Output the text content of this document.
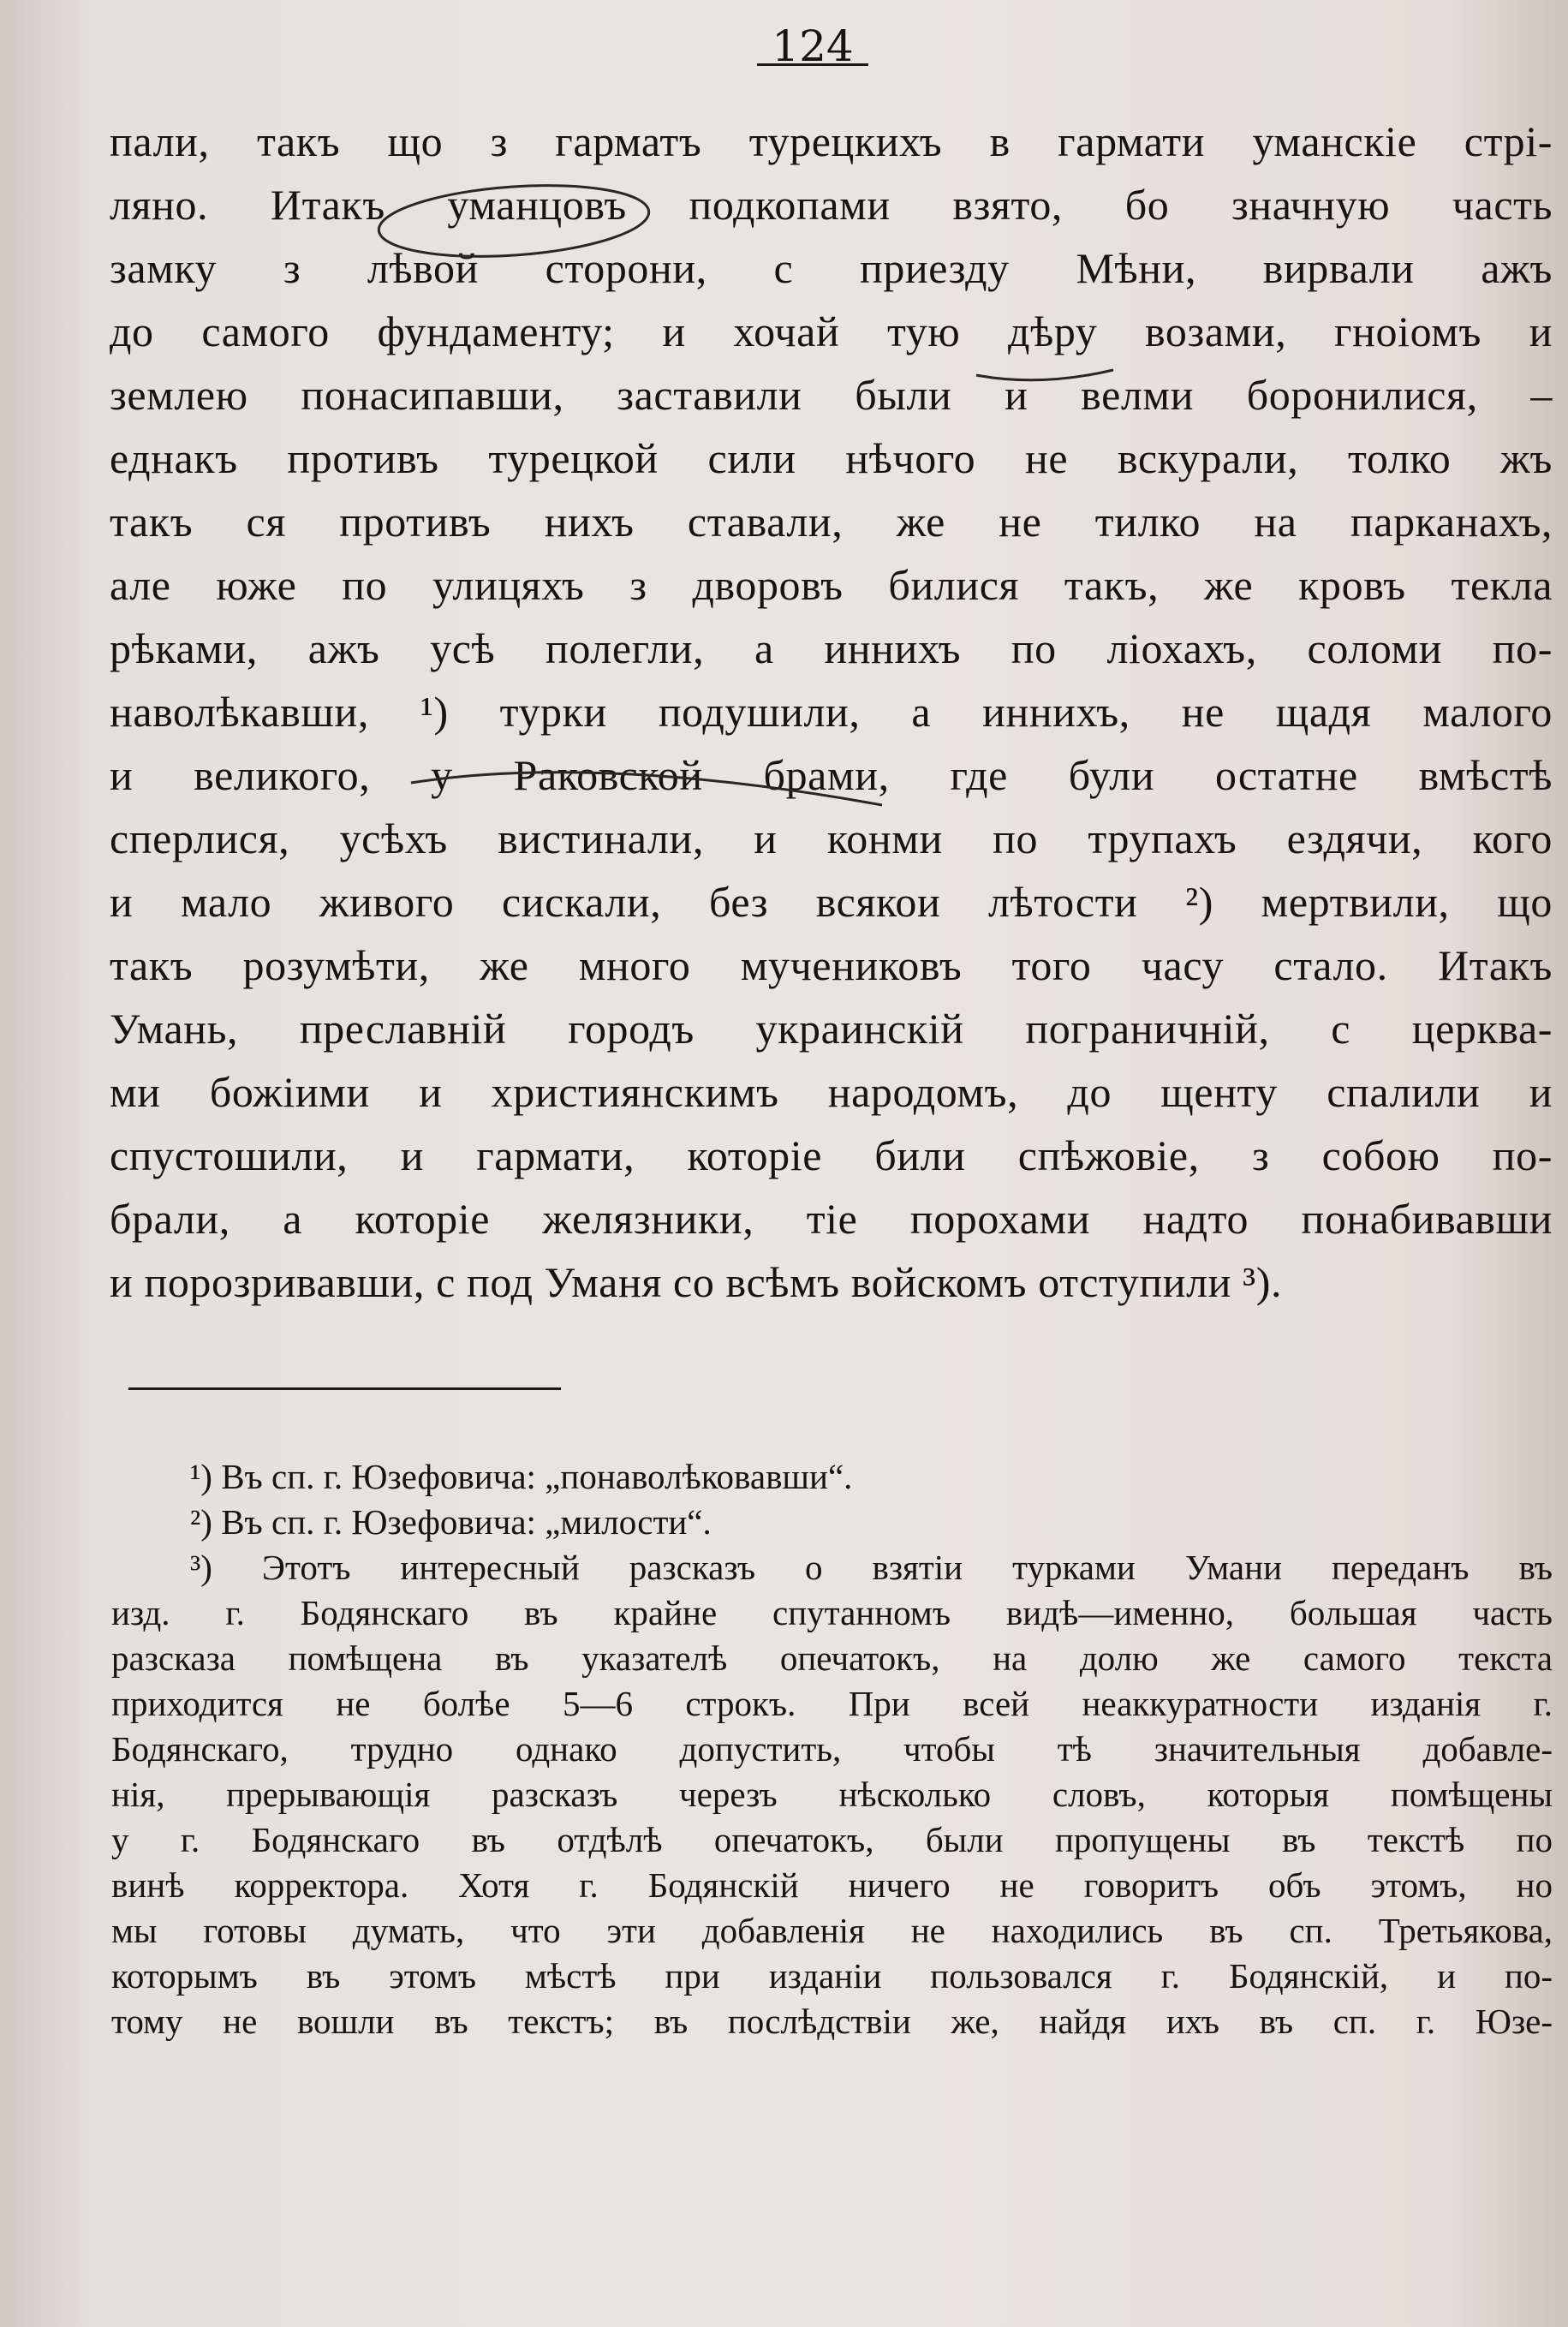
124
пали, такъ що з гарматъ турецкихъ в гармати уманскіе стрі-
ляно. Итакъ уманцовъ подкопами взято, бо значную часть
замку з лѣвой сторони, с приезду Мѣни, вирвали ажъ
до самого фундаменту; и хочай тую дѣру возами, гноіомъ и
землею понасипавши, заставили были и велми боронилися, –
еднакъ противъ турецкой сили нѣчого не вскурали, толко жъ
такъ ся противъ нихъ ставали, же не тилко на парканахъ,
але юже по улицяхъ з дворовъ билися такъ, же кровъ текла
рѣками, ажъ усѣ полегли, а иннихъ по ліохахъ, соломи по-
наволѣкавши, ¹) турки подушили, а иннихъ, не щадя малого
и великого, у Раковской брами, где були остатне вмѣстѣ
сперлися, усѣхъ вистинали, и конми по трупахъ ездячи, кого
и мало живого сискали, без всякои лѣтости ²) мертвили, що
такъ розумѣти, же много мучениковъ того часу стало. Итакъ
Умань, преславній городъ украинскій пограничній, с церква-
ми божіими и християнскимъ народомъ, до щенту спалили и
спустошили, и гармати, которіе били спѣжовіе, з собою по-
брали, а которіе желязники, тіе порохами надто понабивавши
и порозривавши, с под Уманя со всѣмъ войскомъ отступили ³).
¹) Въ сп. г. Юзефовича: „понаволѣковавши“.
²) Въ сп. г. Юзефовича: „милости“.
³) Этотъ интересный разсказъ о взятіи турками Умани переданъ въ
изд. г. Бодянскаго въ крайне спутанномъ видѣ—именно, большая часть
разсказа помѣщена въ указателѣ опечатокъ, на долю же самого текста
приходится не болѣе 5—6 строкъ. При всей неаккуратности изданія г.
Бодянскаго, трудно однако допустить, чтобы тѣ значительныя добавле-
нія, прерывающія разсказъ черезъ нѣсколько словъ, которыя помѣщены
у г. Бодянскаго въ отдѣлѣ опечатокъ, были пропущены въ текстѣ по
винѣ корректора. Хотя г. Бодянскій ничего не говоритъ объ этомъ, но
мы готовы думать, что эти добавленія не находились въ сп. Третьякова,
которымъ въ этомъ мѣстѣ при изданіи пользовался г. Бодянскій, и по-
тому не вошли въ текстъ; въ послѣдствіи же, найдя ихъ въ сп. г. Юзе-
